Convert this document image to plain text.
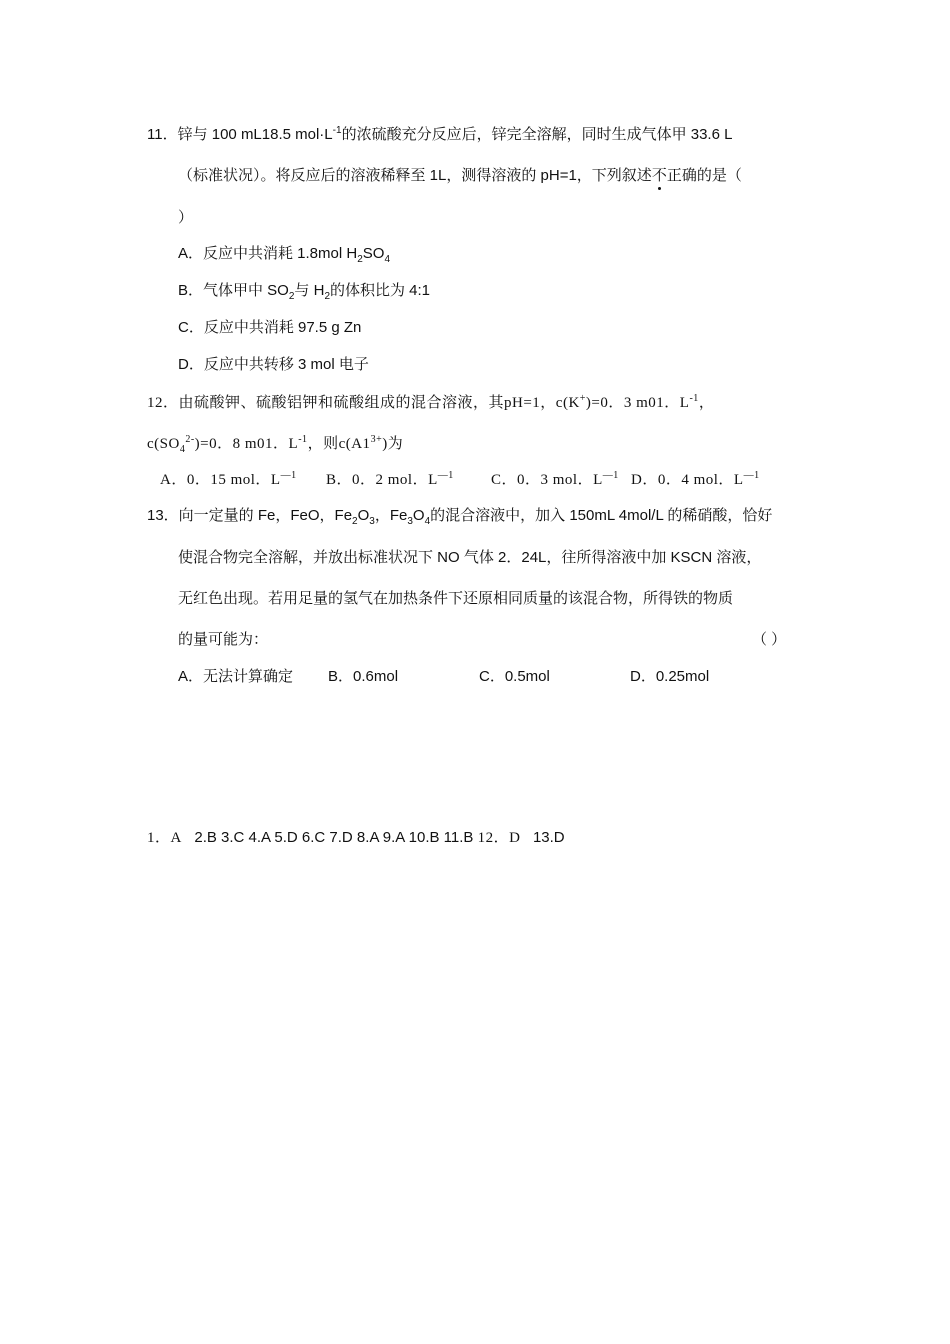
11．锌与 100 mL18.5 $mol\cdot L^{-1}$的浓硫酸充分反应后，锌完全溶解，同时生成气体甲 33.6 L
（标准状况）。将反应后的溶液稀释至 1L，测得溶液的 pH=1，下列叙述不正确的是（
）
A．反应中共消耗 1.8mol $H_2SO_4$
B．气体甲中 $SO_2$与 $H_2$的体积比为 4:1
C．反应中共消耗 97.5 g Zn
D．反应中共转移 3 mol 电子
12．由硫酸钾、硫酸铝钾和硫酸组成的混合溶液，其pH=1，c(K+)=0．3 m01．$L^{-1}$，
$c(SO_4^{2-})=0$．8 m01．$L^{-1}$，则$c(A1^{3+})$为
A．0．15 mol．$L^{—1}$ B．0．2 mol．$L^{—1}$ C．0．3 mol．$L^{—1}$ D．0．4 mol．$L^{—1}$
13．向一定量的 Fe，FeO，$Fe_2O_3$，$Fe_3O_4$的混合溶液中，加入 150mL 4mol/L 的稀硝酸，恰好
使混合物完全溶解，并放出标准状况下 NO 气体 2．24L，往所得溶液中加 KSCN 溶液，
无红色出现。若用足量的氢气在加热条件下还原相同质量的该混合物，所得铁的物质
的量可能为：	（ ）
A．无法计算确定 B．0.6mol	C．0.5mol	D．0.25mol
1．A 2.B 3.C 4.A 5.D 6.C 7.D 8.A 9.A 10.B 11.B 12．D 13.D
